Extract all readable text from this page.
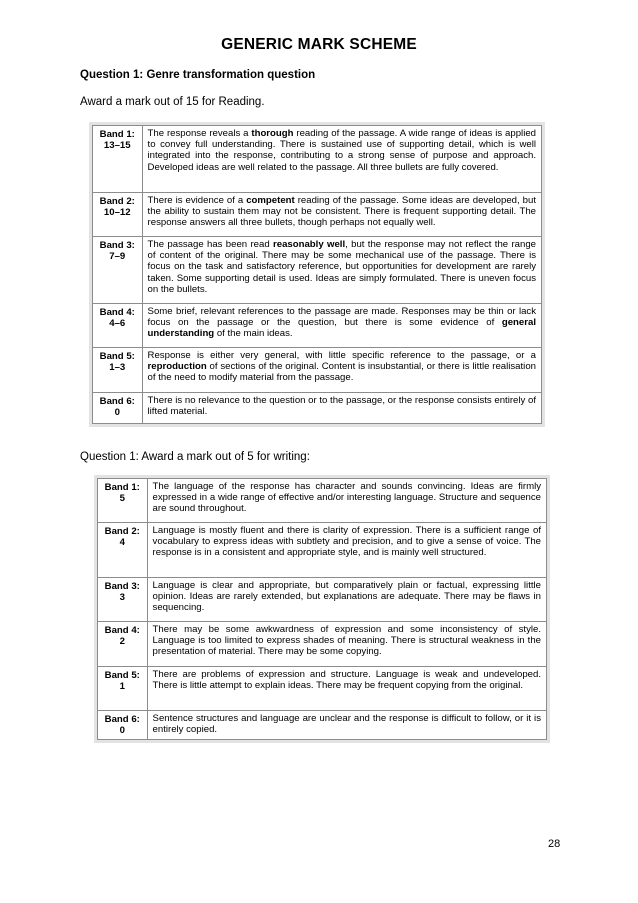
GENERIC MARK SCHEME
Question 1: Genre transformation question
Award a mark out of 15 for Reading.
Band 1:
13–15	The response reveals a thorough reading of the passage. A wide range of ideas is applied to convey full understanding. There is sustained use of supporting detail, which is well integrated into the response, contributing to a strong sense of purpose and approach. Developed ideas are well related to the passage. All three bullets are fully covered.

Band 2:
10–12	There is evidence of a competent reading of the passage. Some ideas are developed, but the ability to sustain them may not be consistent. There is frequent supporting detail. The response answers all three bullets, though perhaps not equally well.

Band 3:
7–9	The passage has been read reasonably well, but the response may not reflect the range of content of the original. There may be some mechanical use of the passage. There is focus on the task and satisfactory reference, but opportunities for development are rarely taken. Some supporting detail is used. Ideas are simply formulated. There is uneven focus on the bullets.

Band 4:
4–6	Some brief, relevant references to the passage are made. Responses may be thin or lack focus on the passage or the question, but there is some evidence of general understanding of the main ideas.

Band 5:
1–3	Response is either very general, with little specific reference to the passage, or a reproduction of sections of the original. Content is insubstantial, or there is little realisation of the need to modify material from the passage.

Band 6:
0	There is no relevance to the question or to the passage, or the response consists entirely of lifted material.
Question 1: Award a mark out of 5 for writing:
Band 1:
5	The language of the response has character and sounds convincing. Ideas are firmly expressed in a wide range of effective and/or interesting language. Structure and sequence are sound throughout.

Band 2:
4	Language is mostly fluent and there is clarity of expression. There is a sufficient range of vocabulary to express ideas with subtlety and precision, and to give a sense of voice. The response is in a consistent and appropriate style, and is mainly well structured.

Band 3:
3	Language is clear and appropriate, but comparatively plain or factual, expressing little opinion. Ideas are rarely extended, but explanations are adequate. There may be flaws in sequencing.

Band 4:
2	There may be some awkwardness of expression and some inconsistency of style. Language is too limited to express shades of meaning. There is structural weakness in the presentation of material. There may be some copying.

Band 5:
1	There are problems of expression and structure. Language is weak and undeveloped. There is little attempt to explain ideas. There may be frequent copying from the original.

Band 6:
0	Sentence structures and language are unclear and the response is difficult to follow, or it is entirely copied.
28
